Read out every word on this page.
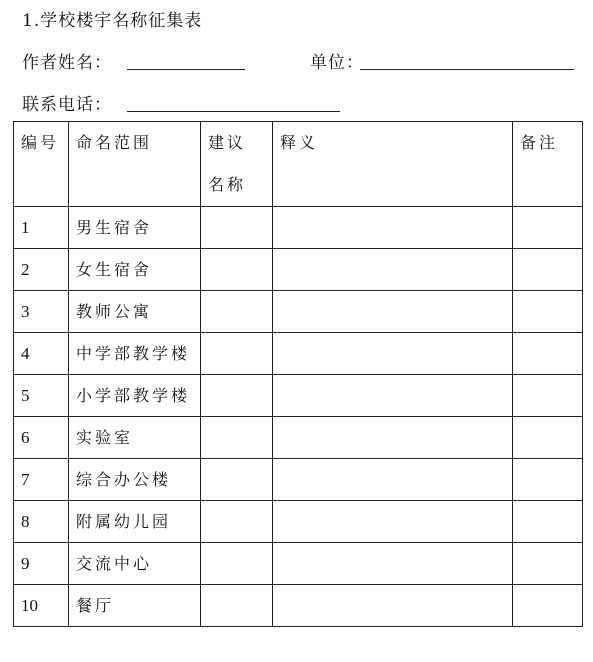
1.学校楼宇名称征集表
作者姓名：	单位：
联系电话：
编号	命名范围	建议名称	释义	备注
1	男生宿舍			
2	女生宿舍			
3	教师公寓			
4	中学部教学楼			
5	小学部教学楼			
6	实验室			
7	综合办公楼			
8	附属幼儿园			
9	交流中心			
10	餐厅			
